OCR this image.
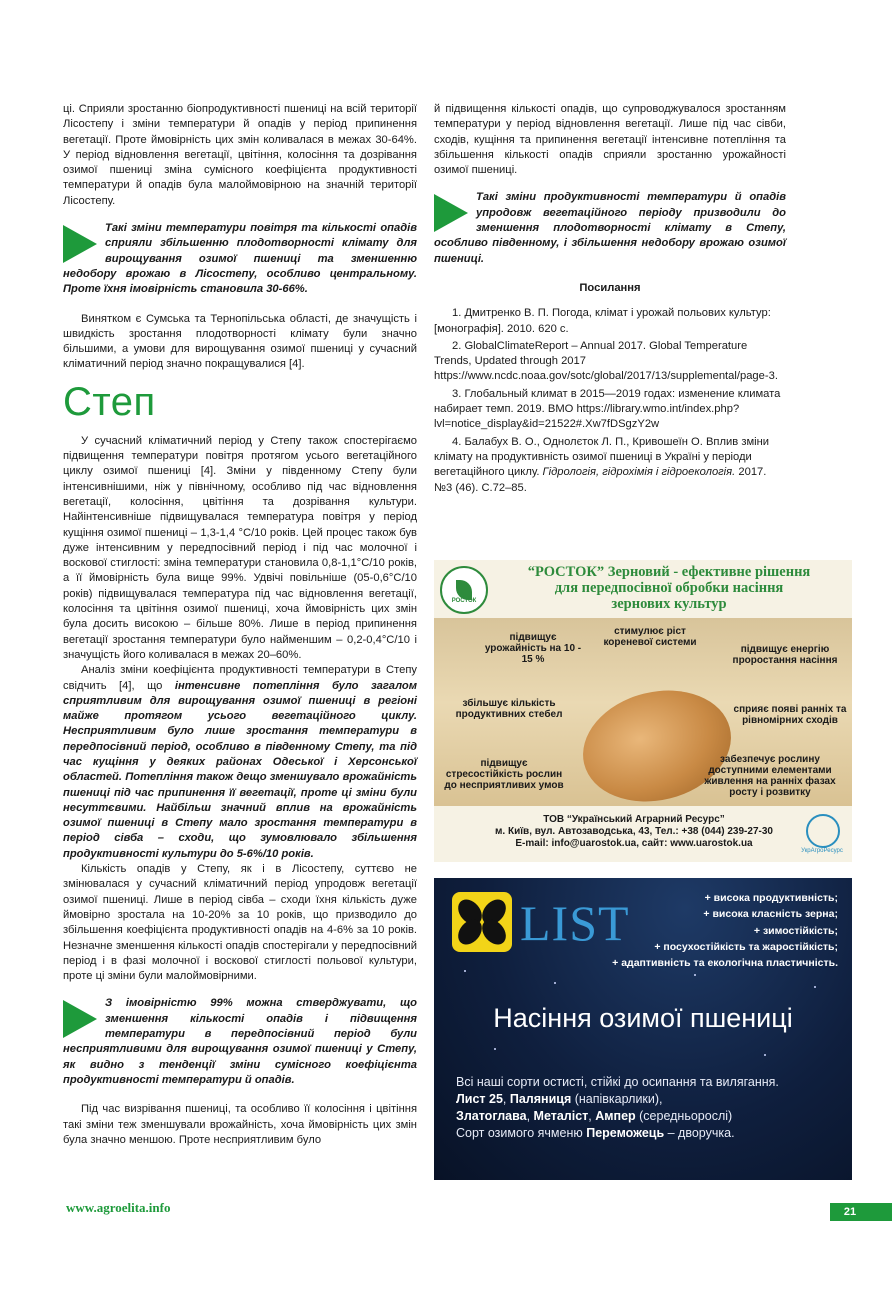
ці. Сприяли зростанню біопродуктивності пшениці на всій території Лісостепу і зміни температури й опадів у період припинення вегетації. Проте ймовірність цих змін коливалася в межах 30-64%. У період відновлення вегетації, цвітіння, колосіння та дозрівання озимої пшениці зміна сумісного коефіцієнта продуктивності температури й опадів була малоймовірною на значній території Лісостепу.

Такі зміни температури повітря та кількості опадів сприяли збільшенню плодотворності клімату для вирощування озимої пшениці та зменшенню недобору врожаю в Лісостепу, особливо центральному. Проте їхня імовірність становила 30-66%.

Винятком є Сумська та Тернопільська області, де значущість і швидкість зростання плодотворності клімату були значно більшими, а умови для вирощування озимої пшениці у сучасний кліматичний період значно покращувалися [4].

Степ

У сучасний кліматичний період у Степу також спостерігаємо підвищення температури повітря протягом усього вегетаційного циклу озимої пшениці [4]. Зміни у південному Степу були інтенсивнішими, ніж у північному, особливо під час відновлення вегетації, колосіння, цвітіння та дозрівання культури. Найінтенсивніше підвищувалася температура повітря у період кущіння озимої пшениці – 1,3-1,4 °С/10 років. Цей процес також був дуже інтенсивним у передпосівний період і під час молочної і воскової стиглості: зміна температури становила 0,8-1,1°С/10 років, а її ймовірність була вище 99%. Удвічі повільніше (05-0,6°С/10 років) підвищувалася температура під час відновлення вегетації, колосіння та цвітіння озимої пшениці, хоча ймовірність цих змін була досить високою – більше 80%. Лише в період припинення вегетації зростання температури було найменшим – 0,2-0,4°С/10 і значущість його коливалася в межах 20–60%.

Аналіз зміни коефіцієнта продуктивності температури в Степу свідчить [4], що інтенсивне потепління було загалом сприятливим для вирощування озимої пшениці в регіоні майже протягом усього вегетаційного циклу. Несприятливим було лише зростання температури в передпосівний період, особливо в південному Степу, та під час кущіння у деяких районах Одеської і Херсонської областей. Потепління також дещо зменшувало врожайність пшениці під час припинення її вегетації, проте ці зміни були несуттєвими. Найбільш значний вплив на врожайність озимої пшениці в Степу мало зростання температури в період сівба – сходи, що зумовлювало збільшення продуктивності культури до 5-6%/10 років.

Кількість опадів у Степу, як і в Лісостепу, суттєво не змінювалася у сучасний кліматичний період упродовж вегетації озимої пшениці. Лише в період сівба – сходи їхня кількість дуже ймовірно зростала на 10-20% за 10 років, що призводило до збільшення коефіцієнта продуктивності опадів на 4-6% за 10 років. Незначне зменшення кількості опадів спостерігали у передпосівний період і в фазі молочної і воскової стиглості польової культури, проте ці зміни були малоймовірними.

З імовірністю 99% можна стверджувати, що зменшення кількості опадів і підвищення температури в передпосівний період були несприятливими для вирощування озимої пшениці у Степу, як видно з тенденції зміни сумісного коефіцієнта продуктивності температури й опадів.

Під час визрівання пшениці, та особливо її колосіння і цвітіння такі зміни теж зменшували врожайність, хоча ймовірність цих змін була значно меншою. Проте несприятливим було

й підвищення кількості опадів, що супроводжувалося зростанням температури у період відновлення вегетації. Лише під час сівби, сходів, кущіння та припинення вегетації інтенсивне потепління та збільшення кількості опадів сприяли зростанню урожайності озимої пшениці.

Такі зміни продуктивності температури й опадів упродовж вегетаційного періоду призводили до зменшення плодотворності клімату в Степу, особливо південному, і збільшення недобору врожаю озимої пшениці.
Посилання

1. Дмитренко В. П. Погода, клімат і урожай польових культур: [монографія]. 2010. 620 с.

2. GlobalClimateReport – Annual 2017. Global Temperature Trends, Updated through 2017 https://www.ncdc.noaa.gov/sotc/global/2017/13/supplemental/page-3.

3. Глобальный климат в 2015—2019 годах: изменение климата набирает темп. 2019. ВМО https://library.wmo.int/index.php?lvl=notice_display&id=21522#.Xw7fDSgzY2w

4. Балабух В. О., Однолєток Л. П., Кривошеїн О. Вплив зміни клімату на продуктивність озимої пшениці в Україні у періоди вегетаційного циклу. Гідрологія, гідрохімія і гідроекологія. 2017. №3 (46). С.72–85.

РОСТОК
“РОСТОК” Зерновий - ефективне рішення
для передпосівної обробки насіння
зернових культур
підвищує урожайність на 10 - 15 %
стимулює ріст кореневої системи
підвищує енергію проростання насіння
збільшує кількість продуктивних стебел	сприяє появі ранніх та рівномірних сходів
підвищує стресостійкість рослин до несприятливих умов
забезпечує рослину доступними елементами живлення на ранніх фазах росту і розвитку
ТОВ “Український Аграрний Ресурс”
м. Київ, вул. Автозаводська, 43, Тел.: +38 (044) 239-27-30
E-mail: info@uarostok.ua, сайт: www.uarostok.ua
УкрАгроРесурс
LIST	+ висока продуктивність;
+ висока класність зерна;
+ зимостійкість;
+ посухостійкість та жаростійкість;
+ адаптивність та екологічна пластичність.
Насіння озимої пшениці
Всі наші сорти остисті, стійкі до осипання та вилягання.
Лист 25, Паляниця (напівкарлики),
Златоглава, Металіст, Ампер (середньорослі)
Сорт озимого ячменю Переможець – дворучка.
www.agroelita.info	21
